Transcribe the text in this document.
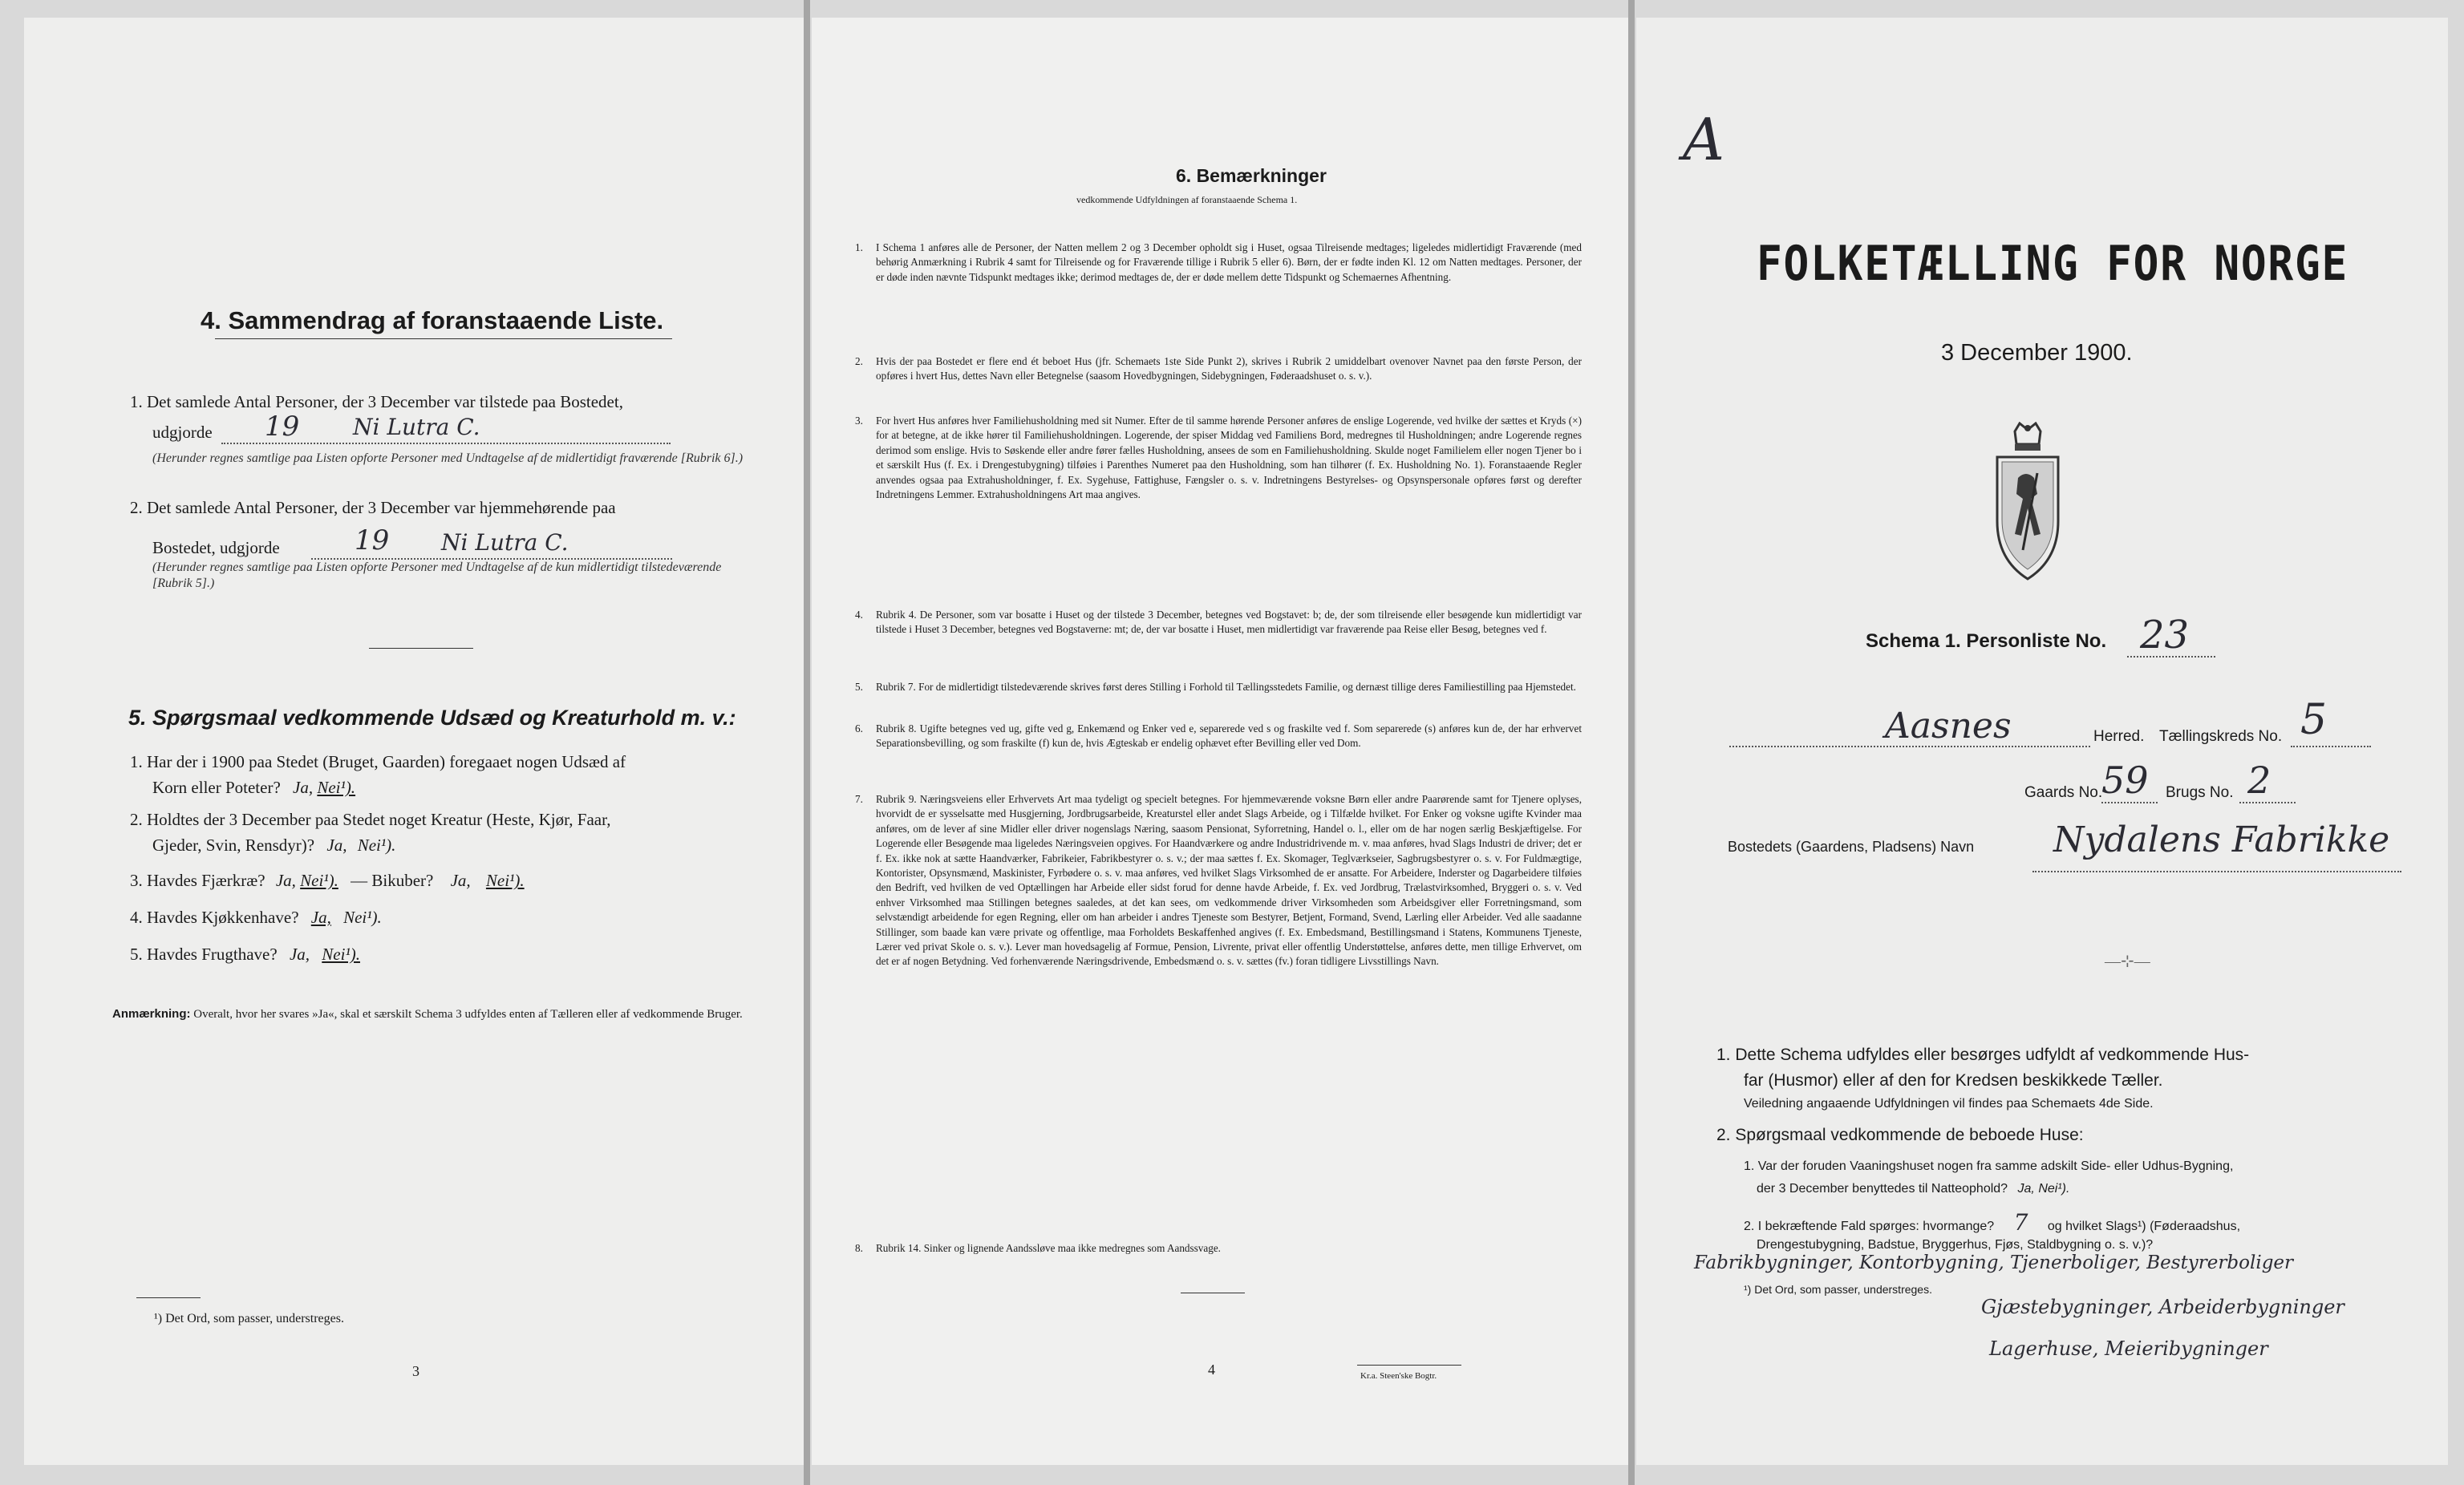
4. Sammendrag af foranstaaende Liste.
1. Det samlede Antal Personer, der 3 December var tilstede paa Bostedet,
udgjorde 19 Ni Lutra C.
(Herunder regnes samtlige paa Listen opforte Personer med Undtagelse af de midlertidigt fraværende [Rubrik 6].)
2. Det samlede Antal Personer, der 3 December var hjemmehørende paa
Bostedet, udgjorde	19 Ni Lutra C.
(Herunder regnes samtlige paa Listen opforte Personer med Undtagelse af de kun midlertidigt tilstedeværende [Rubrik 5].)
5. Spørgsmaal vedkommende Udsæd og Kreaturhold m. v.:
1. Har der i 1900 paa Stedet (Bruget, Gaarden) foregaaet nogen Udsæd af
Korn eller Poteter? Ja, Nei¹).
2. Holdtes der 3 December paa Stedet noget Kreatur (Heste, Kjør, Faar,
Gjeder, Svin, Rensdyr)? Ja, Nei¹).
3. Havdes Fjærkræ? Ja, Nei¹). — Bikuber? Ja, Nei¹).
4. Havdes Kjøkkenhave? Ja, Nei¹).
5. Havdes Frugthave? Ja, Nei¹).
Anmærkning: Overalt, hvor her svares »Ja«, skal et særskilt Schema 3 udfyldes enten af Tælleren eller af vedkommende Bruger.
¹) Det Ord, som passer, understreges.
3
6. Bemærkninger
vedkommende Udfyldningen af foranstaaende Schema 1.
1. I Schema 1 anføres alle de Personer, der Natten mellem 2 og 3 December opholdt sig i Huset, ogsaa Tilreisende medtages; ligeledes midlertidigt Fraværende (med behørig Anmærkning i Rubrik 4 samt for Tilreisende og for Fraværende tillige i Rubrik 5 eller 6). Børn, der er fødte inden Kl. 12 om Natten medtages. Personer, der er døde inden nævnte Tidspunkt medtages ikke; derimod medtages de, der er døde mellem dette Tidspunkt og Schemaernes Afhentning.
2. Hvis der paa Bostedet er flere end ét beboet Hus (jfr. Schemaets 1ste Side Punkt 2), skrives i Rubrik 2 umiddelbart ovenover Navnet paa den første Person, der opføres i hvert Hus, dettes Navn eller Betegnelse (saasom Hovedbygningen, Sidebygningen, Føderaadshuset o. s. v.).
3. For hvert Hus anføres hver Familiehusholdning med sit Numer. Efter de til samme hørende Personer anføres de enslige Logerende, ved hvilke der sættes et Kryds (×) for at betegne, at de ikke hører til Familiehusholdningen. Logerende, der spiser Middag ved Familiens Bord, medregnes til Husholdningen; andre Logerende regnes derimod som enslige. Hvis to Søskende eller andre fører fælles Husholdning, ansees de som en Familiehusholdning. Skulde noget Familielem eller nogen Tjener bo i et særskilt Hus (f. Ex. i Drengestubygning) tilføies i Parenthes Numeret paa den Husholdning, som han tilhører (f. Ex. Husholdning No. 1). Foranstaaende Regler anvendes ogsaa paa Extrahusholdninger, f. Ex. Sygehuse, Fattighuse, Fængsler o. s. v. Indretningens Bestyrelses- og Opsynspersonale opføres først og derefter Indretningens Lemmer. Extrahusholdningens Art maa angives.
4. Rubrik 4. De Personer, som var bosatte i Huset og der tilstede 3 December, betegnes ved Bogstavet: b; de, der som tilreisende eller besøgende kun midlertidigt var tilstede i Huset 3 December, betegnes ved Bogstaverne: mt; de, der var bosatte i Huset, men midlertidigt var fraværende paa Reise eller Besøg, betegnes ved f.
5. Rubrik 7. For de midlertidigt tilstedeværende skrives først deres Stilling i Forhold til Tællingsstedets Familie, og dernæst tillige deres Familiestilling paa Hjemstedet.
6. Rubrik 8. Ugifte betegnes ved ug, gifte ved g, Enkemænd og Enker ved e, separerede ved s og fraskilte ved f. Som separerede (s) anføres kun de, der har erhvervet Separationsbevilling, og som fraskilte (f) kun de, hvis Ægteskab er endelig ophævet efter Bevilling eller ved Dom.
7. Rubrik 9. Næringsveiens eller Erhvervets Art maa tydeligt og specielt betegnes. For hjemmeværende voksne Børn eller andre Paarørende samt for Tjenere oplyses, hvorvidt de er sysselsatte med Husgjerning, Jordbrugsarbeide, Kreaturstel eller andet Slags Arbeide, og i Tilfælde hvilket. For Enker og voksne ugifte Kvinder maa anføres, om de lever af sine Midler eller driver nogenslags Næring, saasom Pensionat, Syforretning, Handel o. l., eller om de har nogen særlig Beskjæftigelse. For Logerende eller Besøgende maa ligeledes Næringsveien opgives. For Haandværkere og andre Industridrivende m. v. maa anføres, hvad Slags Industri de driver; det er f. Ex. ikke nok at sætte Haandværker, Fabrikeier, Fabrikbestyrer o. s. v.; der maa sættes f. Ex. Skomager, Teglværkseier, Sagbrugsbestyrer o. s. v. For Fuldmægtige, Kontorister, Opsynsmænd, Maskinister, Fyrbødere o. s. v. maa anføres, ved hvilket Slags Virksomhed de er ansatte. For Arbeidere, Inderster og Dagarbeidere tilføies den Bedrift, ved hvilken de ved Optællingen har Arbeide eller sidst forud for denne havde Arbeide, f. Ex. ved Jordbrug, Trælastvirksomhed, Bryggeri o. s. v. Ved enhver Virksomhed maa Stillingen betegnes saaledes, at det kan sees, om vedkommende driver Virksomheden som Arbeidsgiver eller Forretningsmand, som selvstændigt arbeidende for egen Regning, eller om han arbeider i andres Tjeneste som Bestyrer, Betjent, Formand, Svend, Lærling eller Arbeider. Ved alle saadanne Stillinger, som baade kan være private og offentlige, maa Forholdets Beskaffenhed angives (f. Ex. Embedsmand, Bestillingsmand i Statens, Kommunens Tjeneste, Lærer ved privat Skole o. s. v.). Lever man hovedsagelig af Formue, Pension, Livrente, privat eller offentlig Understøttelse, anføres dette, men tillige Erhvervet, om det er af nogen Betydning. Ved forhenværende Næringsdrivende, Embedsmænd o. s. v. sættes (fv.) foran tidligere Livsstillings Navn.
8. Rubrik 14. Sinker og lignende Aandssløve maa ikke medregnes som Aandssvage.
4	Kr.a. Steen'ske Bogtr.
A
FOLKETÆLLING FOR NORGE
3 December 1900.
Schema 1. Personliste No. 23
Aasnes	Herred. Tællingskreds No. 5
Gaards No.
59 Brugs No. 2
Bostedets (Gaardens, Pladsens) Navn Nydalens Fabrikke
—⊹—
1. Dette Schema udfyldes eller besørges udfyldt af vedkommende Hus-
far (Husmor) eller af den for Kredsen beskikkede Tæller.
Veiledning angaaende Udfyldningen vil findes paa Schemaets 4de Side.
2. Spørgsmaal vedkommende de beboede Huse:
1. Var der foruden Vaaningshuset nogen fra samme adskilt Side- eller Udhus-Bygning,
der 3 December benyttedes til Natteophold? Ja, Nei¹).
2. I bekræftende Fald spørges: hvormange? 7 og hvilket Slags¹) (Føderaadshus,
Drengestubygning, Badstue, Bryggerhus, Fjøs, Staldbygning o. s. v.)?
Fabrikbygninger, Kontorbygning, Tjenerboliger, Bestyrerboliger
¹) Det Ord, som passer, understreges.
Gjæstebygninger, Arbeiderbygninger
Lagerhuse, Meieribygninger
